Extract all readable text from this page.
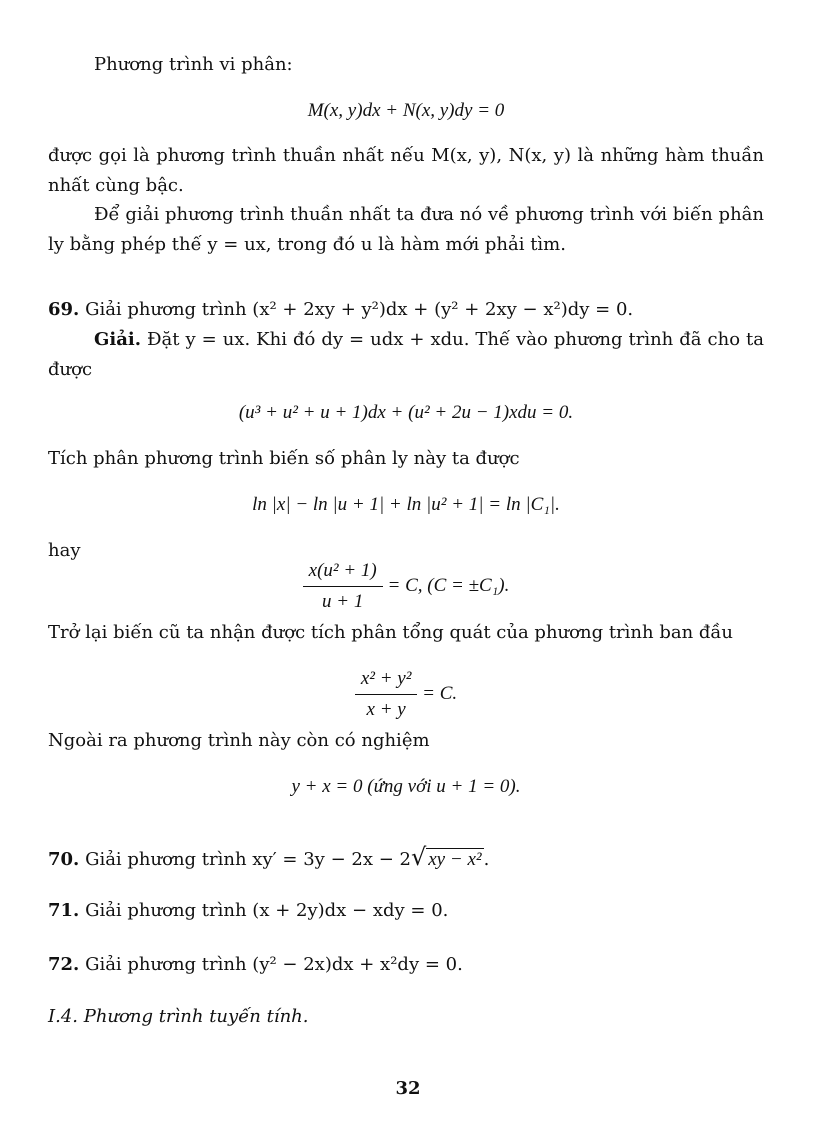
Phương trình vi phân:
M(x, y)dx + N(x, y)dy = 0
được gọi là phương trình thuần nhất nếu M(x, y), N(x, y) là những hàm thuần nhất cùng bậc.
Để giải phương trình thuần nhất ta đưa nó về phương trình với biến phân ly bằng phép thế y = ux, trong đó u là hàm mới phải tìm.
69. Giải phương trình (x² + 2xy + y²)dx + (y² + 2xy − x²)dy = 0.
Giải. Đặt y = ux. Khi đó dy = udx + xdu. Thế vào phương trình đã cho ta được
(u³ + u² + u + 1)dx + (u² + 2u − 1)xdu = 0.
Tích phân phương trình biến số phân ly này ta được
ln |x| − ln |u + 1| + ln |u² + 1| = ln |C₁|.
hay
$\frac{\text{x(u² + 1)}}{u + 1} = C$, (C = ±C₁).
Trở lại biến cũ ta nhận được tích phân tổng quát của phương trình ban đầu
$\frac{\text{x² + y²}}{x + y} = C$.
Ngoài ra phương trình này còn có nghiệm
y + x = 0 (ứng với u + 1 = 0).
70. Giải phương trình xy′ = 3y − 2x − 2√ xy − x² .
71. Giải phương trình (x + 2y)dx − xdy = 0.
72. Giải phương trình (y² − 2x)dx + x²dy = 0.
I.4. Phương trình tuyến tính.
32
